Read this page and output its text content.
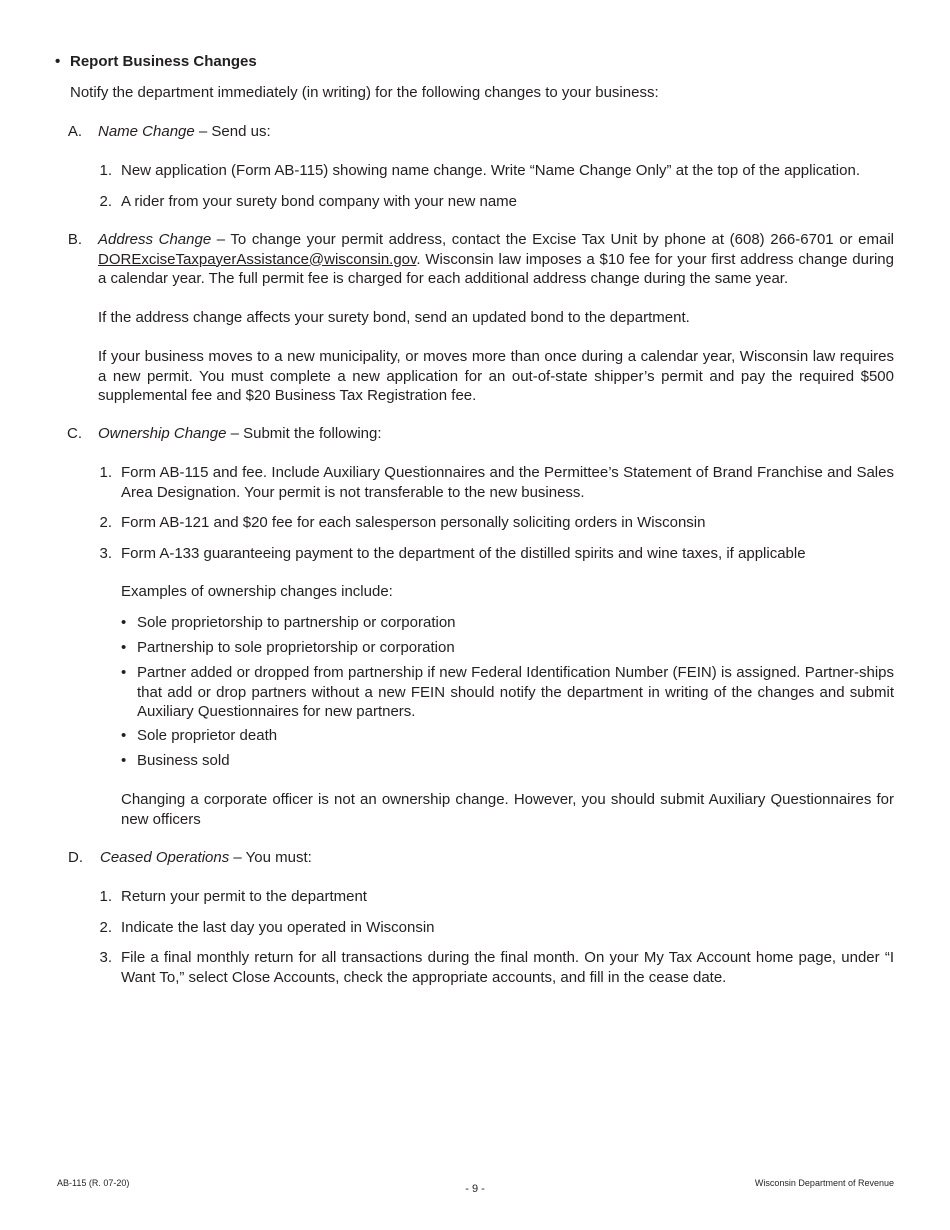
• Report Business Changes
Notify the department immediately (in writing) for the following changes to your business:
A. Name Change – Send us:
1. New application (Form AB-115) showing name change. Write “Name Change Only” at the top of the application.
2. A rider from your surety bond company with your new name
B. Address Change – To change your permit address, contact the Excise Tax Unit by phone at (608) 266-6701 or email DORExciseTaxpayerAssistance@wisconsin.gov. Wisconsin law imposes a $10 fee for your first address change during a calendar year. The full permit fee is charged for each additional address change during the same year.
If the address change affects your surety bond, send an updated bond to the department.
If your business moves to a new municipality, or moves more than once during a calendar year, Wisconsin law requires a new permit. You must complete a new application for an out-of-state shipper’s permit and pay the required $500 supplemental fee and $20 Business Tax Registration fee.
C. Ownership Change – Submit the following:
1. Form AB-115 and fee. Include Auxiliary Questionnaires and the Permittee’s Statement of Brand Franchise and Sales Area Designation. Your permit is not transferable to the new business.
2. Form AB-121 and $20 fee for each salesperson personally soliciting orders in Wisconsin
3. Form A-133 guaranteeing payment to the department of the distilled spirits and wine taxes, if applicable
Examples of ownership changes include:
• Sole proprietorship to partnership or corporation
• Partnership to sole proprietorship or corporation
• Partner added or dropped from partnership if new Federal Identification Number (FEIN) is assigned. Partner-ships that add or drop partners without a new FEIN should notify the department in writing of the changes and submit Auxiliary Questionnaires for new partners.
• Sole proprietor death
• Business sold
Changing a corporate officer is not an ownership change. However, you should submit Auxiliary Questionnaires for new officers
D. Ceased Operations – You must:
1. Return your permit to the department
2. Indicate the last day you operated in Wisconsin
3. File a final monthly return for all transactions during the final month. On your My Tax Account home page, under “I Want To,” select Close Accounts, check the appropriate accounts, and fill in the cease date.
AB-115 (R. 07-20)	- 9 -	Wisconsin Department of Revenue
